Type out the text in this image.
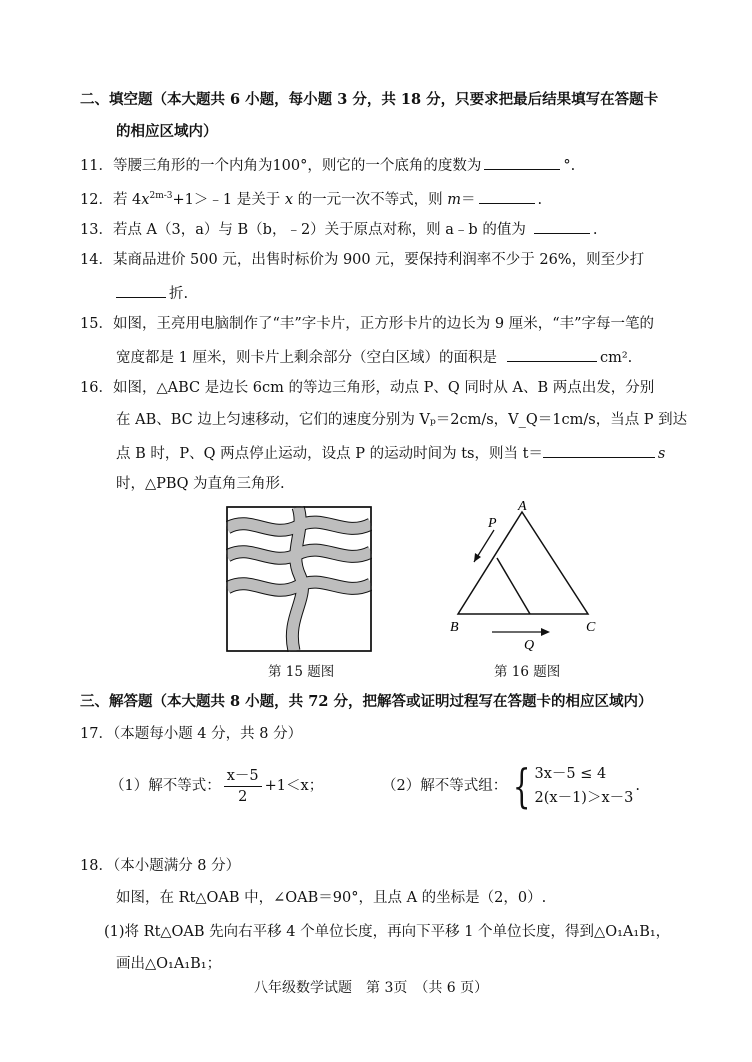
二、填空题（本大题共 6 小题，每小题 3 分，共 18 分，只要求把最后结果填写在答题卡
的相应区域内）
11．等腰三角形的一个内角为100°，则它的一个底角的度数为	°.
12．若 $4x^{2m-3}+1>﹣1$ 是关于 x 的一元一次不等式，则 m＝	.
13．若点 A（3，a）与 B（b，﹣2）关于原点对称，则 a﹣b 的值为	.
14．某商品进价 500 元，出售时标价为 900 元，要保持利润率不少于 26%，则至少打
折.
15．如图，王亮用电脑制作了“丰”字卡片，正方形卡片的边长为 9 厘米，“丰”字每一笔的
宽度都是 1 厘米，则卡片上剩余部分（空白区域）的面积是	cm².
16．如图，△ABC 是边长 6cm 的等边三角形，动点 P、Q 同时从 A、B 两点出发，分别
在 AB、BC 边上匀速移动，它们的速度分别为 Vₚ＝2cm/s，V_Q＝1cm/s，当点 P 到达
点 B 时，P、Q 两点停止运动，设点 P 的运动时间为 ts，则当 t＝	s
时，△PBQ 为直角三角形.
第 15 题图
A
B	C
P
Q
第 16 题图
三、解答题（本大题共 8 小题，共 72 分，把解答或证明过程写在答题卡的相应区域内）
17．（本题每小题 4 分，共 8 分）
（1）解不等式： $\frac{x-5}{2} +1<x$；	（2）解不等式组： { 3x－5 ≤ 4
2(x－1)＞x－3
.
18．（本小题满分 8 分）
如图，在 Rt△OAB 中，∠OAB＝90°，且点 A 的坐标是（2，0）.
(1)将 Rt△OAB 先向右平移 4 个单位长度，再向下平移 1 个单位长度，得到△O₁A₁B₁，
画出△O₁A₁B₁；
八年级数学试题　第 3页　（共 6 页）
